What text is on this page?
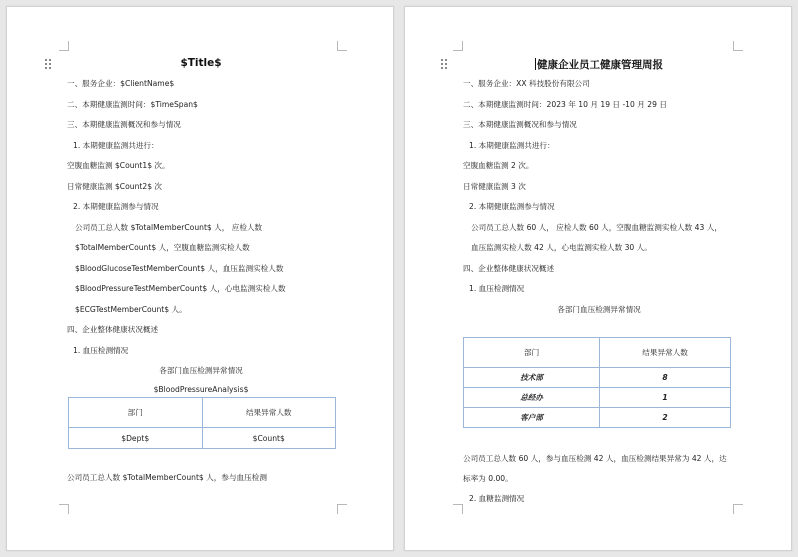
$Title$
一、服务企业：$ClientName$
二、本期健康监测时间：$TimeSpan$
三、本期健康监测概况和参与情况
1. 本期健康监测共进行：
空腹血糖监测 $Count1$ 次。
日常健康监测 $Count2$ 次
2. 本期健康监测参与情况
公司员工总人数 $TotalMemberCount$ 人， 应检人数
$TotalMemberCount$ 人，空腹血糖监测实检人数
$BloodGlucoseTestMemberCount$ 人，血压监测实检人数
$BloodPressureTestMemberCount$ 人，心电监测实检人数
$ECGTestMemberCount$ 人。
四、企业整体健康状况概述
1. 血压检测情况
各部门血压检测异常情况
$BloodPressureAnalysis$
部门	结果异常人数
$Dept$	$Count$
公司员工总人数 $TotalMemberCount$ 人，参与血压检测
健康企业员工健康管理周报
一、服务企业：XX 科技股份有限公司
二、本期健康监测时间：2023 年 10 月 19 日 -10 月 29 日
三、本期健康监测概况和参与情况
1. 本期健康监测共进行：
空腹血糖监测 2 次。
日常健康监测 3 次
2. 本期健康监测参与情况
公司员工总人数 60 人， 应检人数 60 人，空腹血糖监测实检人数 43 人，
血压监测实检人数 42 人，心电监测实检人数 30 人。
四、企业整体健康状况概述
1. 血压检测情况
各部门血压检测异常情况
部门	结果异常人数
技术部	8
总经办	1
客户部	2
公司员工总人数 60 人，参与血压检测 42 人，血压检测结果异常为 42 人，达
标率为 0.00。
2. 血糖监测情况
